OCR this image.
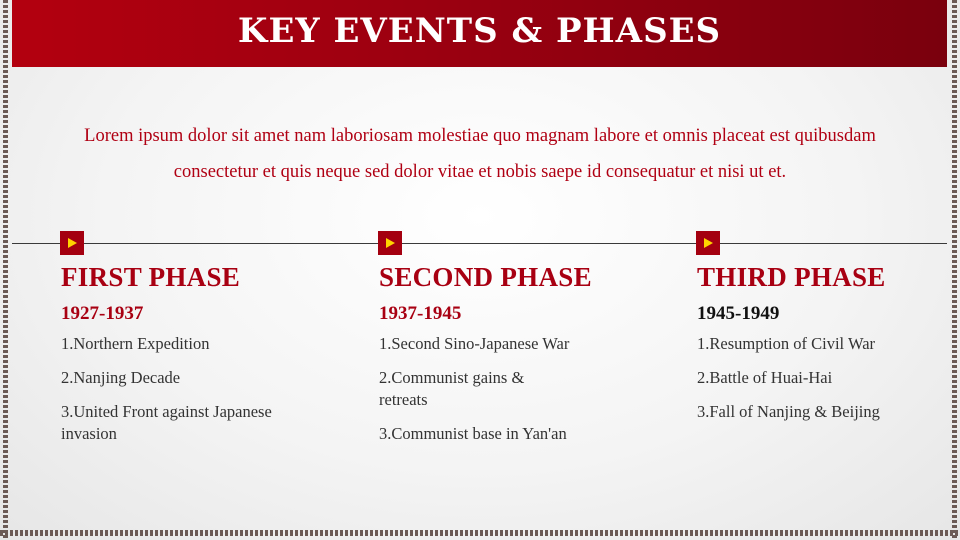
KEY EVENTS & PHASES

Lorem ipsum dolor sit amet nam laboriosam molestiae quo magnam labore et omnis placeat est quibusdam consectetur et quis neque sed dolor vitae et nobis saepe id consequatur et nisi ut et.

FIRST PHASE
1927-1937
1.Northern Expedition
2.Nanjing Decade
3.United Front against Japanese invasion
SECOND PHASE
1937-1945
1.Second Sino-Japanese War
2.Communist gains & retreats
3.Communist base in Yan'an
THIRD PHASE
1945-1949
1.Resumption of Civil War
2.Battle of Huai-Hai
3.Fall of Nanjing & Beijing
